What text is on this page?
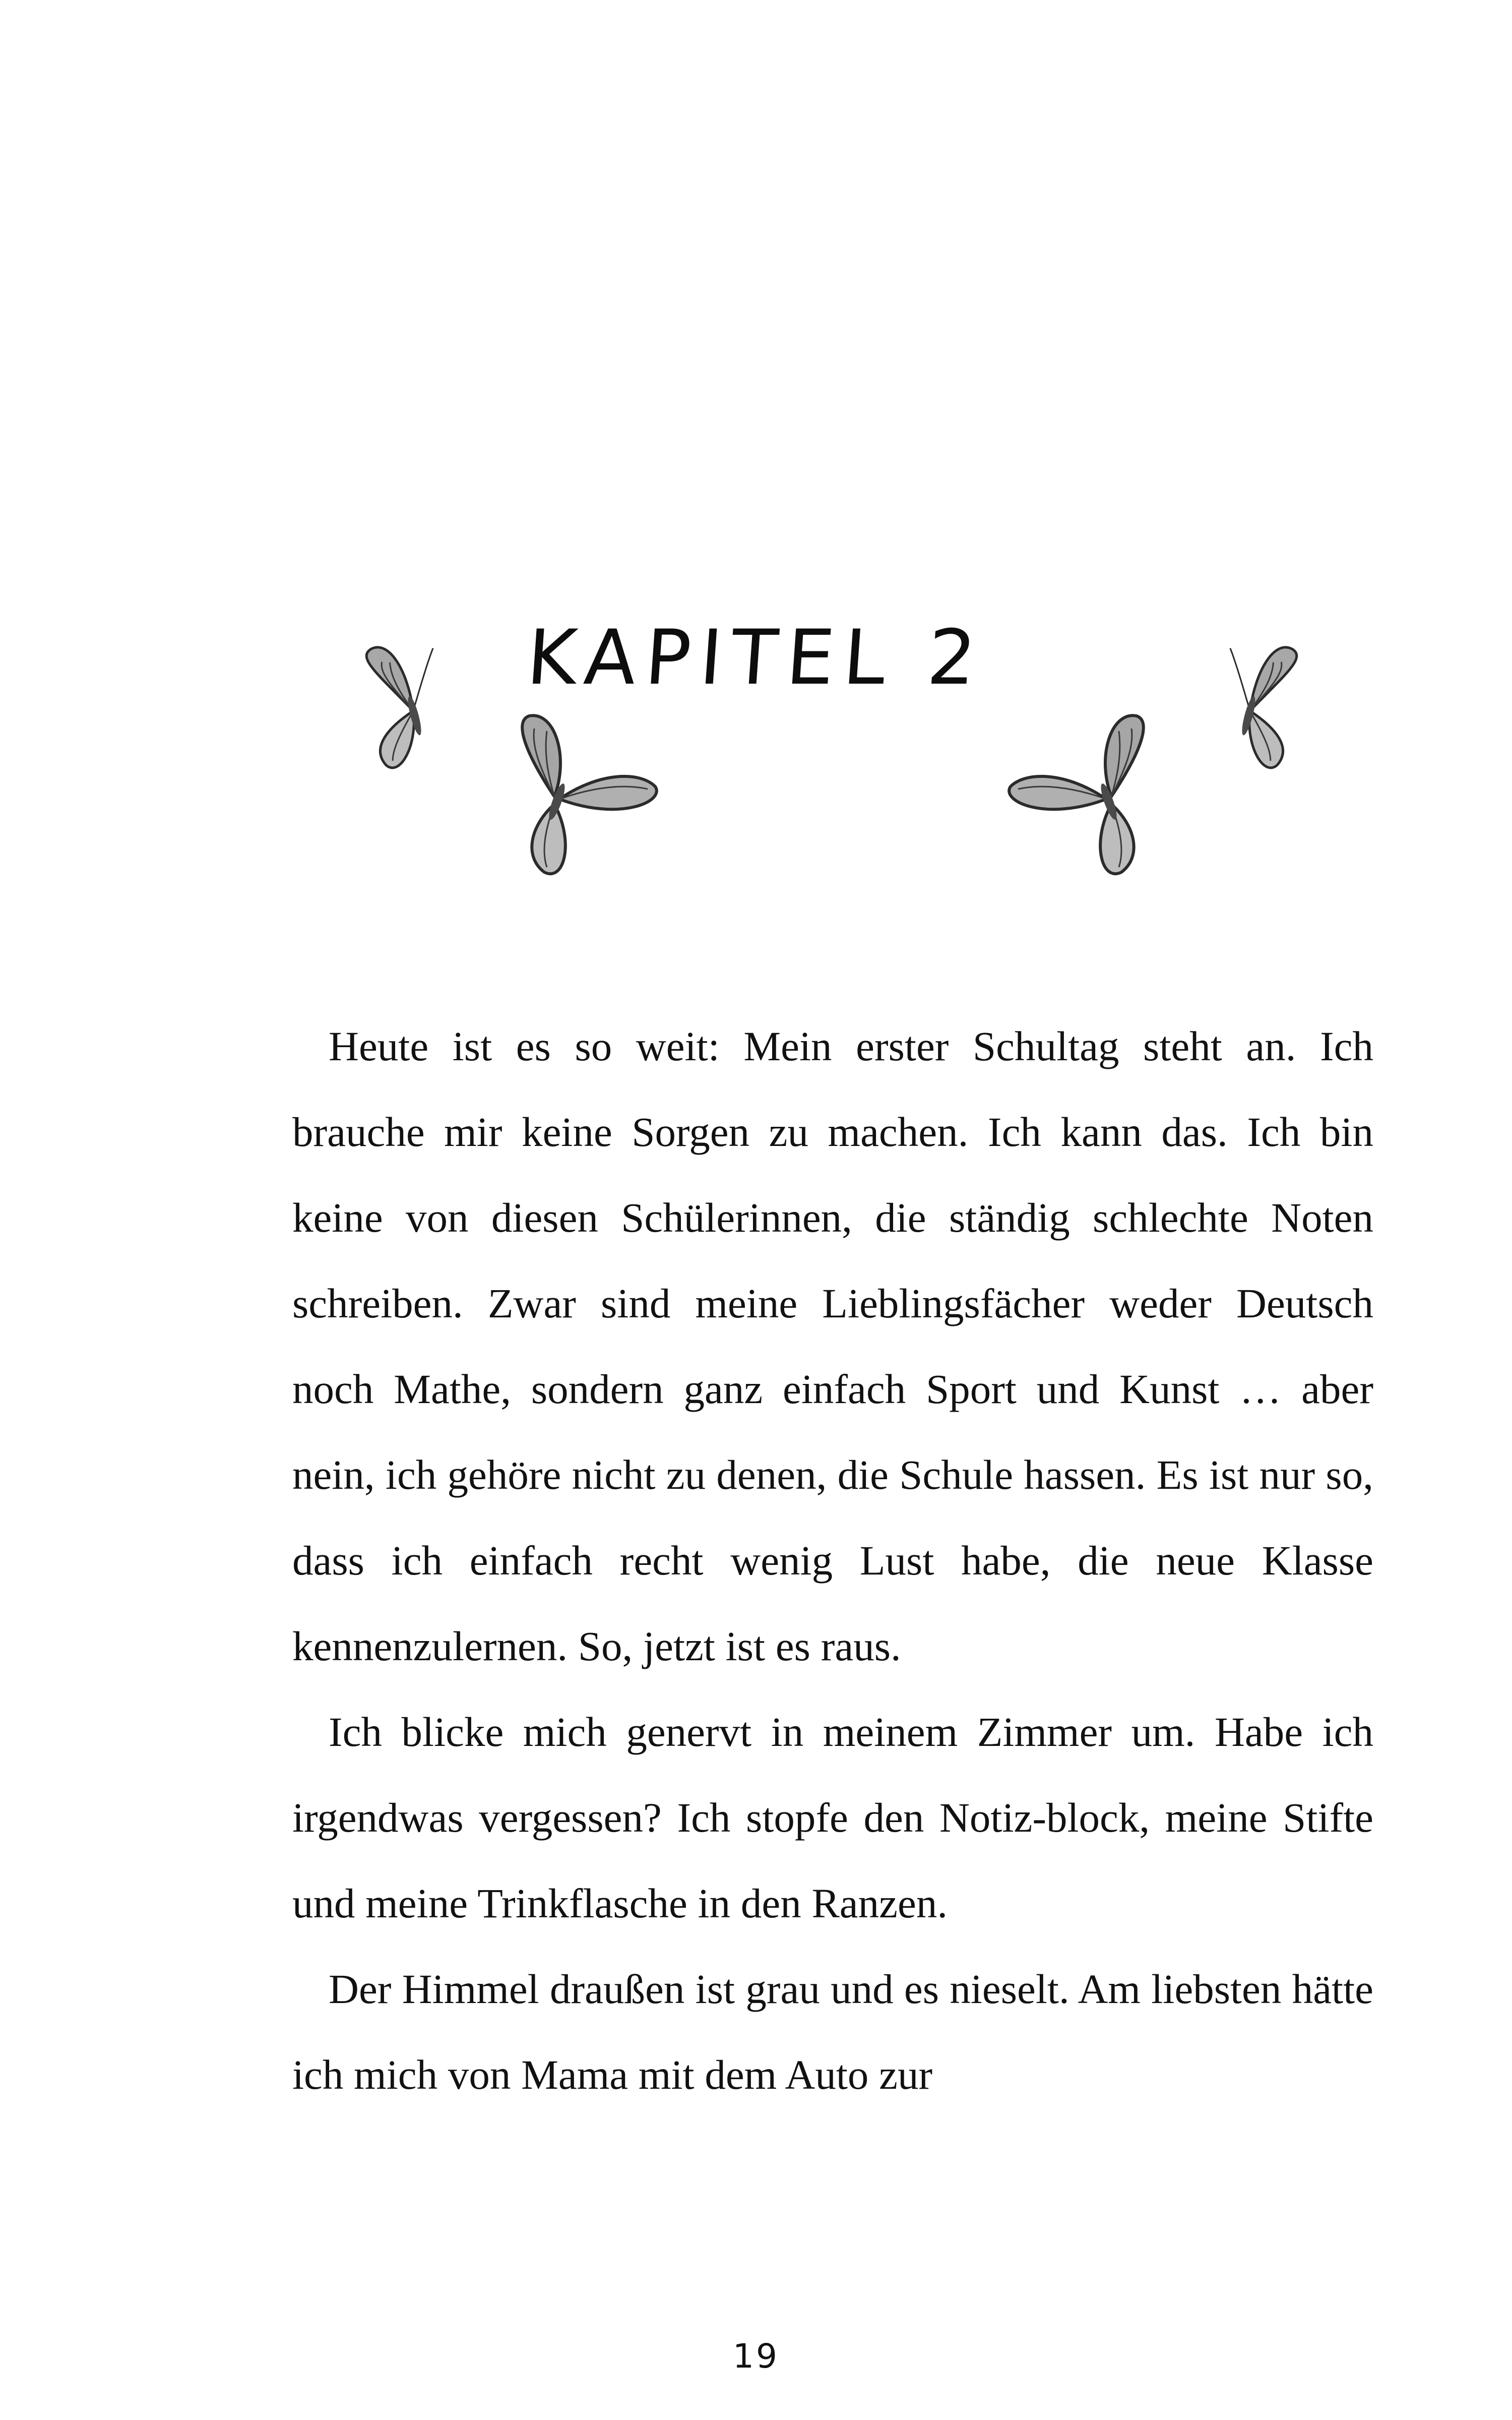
KAPITEL 2

Heute ist es so weit: Mein erster Schultag steht an. Ich brauche mir keine Sorgen zu machen. Ich kann das. Ich bin keine von diesen Schülerinnen, die ständig schlechte Noten schreiben. Zwar sind meine Lieblingsfächer weder Deutsch noch Mathe, sondern ganz einfach Sport und Kunst … aber nein, ich gehöre nicht zu denen, die Schule hassen. Es ist nur so, dass ich einfach recht wenig Lust habe, die neue Klasse kennenzulernen. So, jetzt ist es raus.

Ich blicke mich genervt in meinem Zimmer um. Habe ich irgendwas vergessen? Ich stopfe den Notiz-block, meine Stifte und meine Trinkflasche in den Ranzen.

Der Himmel draußen ist grau und es nieselt. Am liebsten hätte ich mich von Mama mit dem Auto zur

19
